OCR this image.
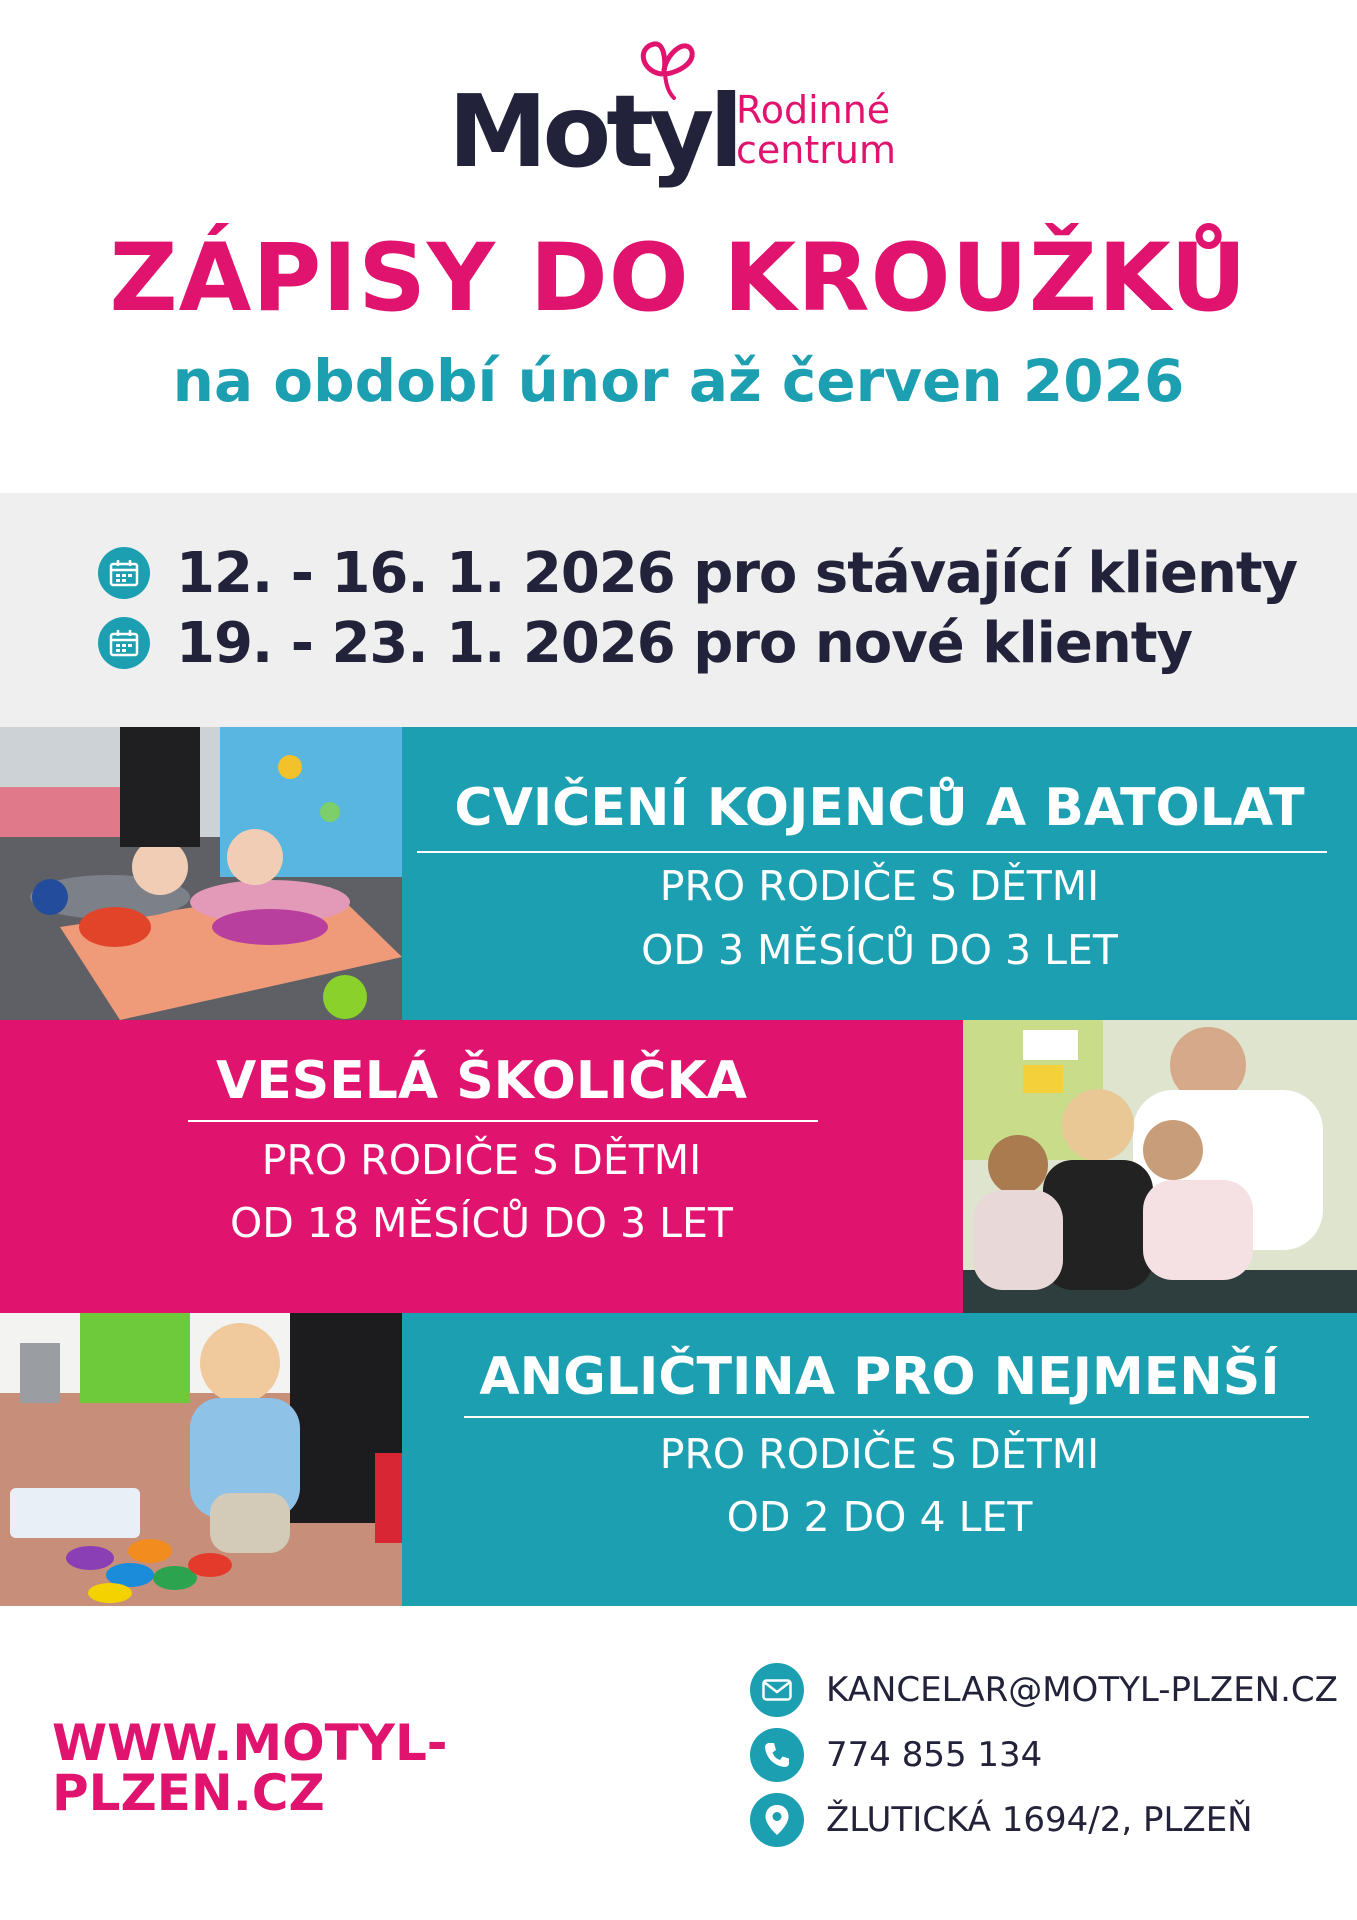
Motyl
Rodinné
centrum
ZÁPISY DO KROUŽKŮ
na období únor až červen 2026
12. - 16. 1. 2026 pro stávající klienty
19. - 23. 1. 2026 pro nové klienty
CVIČENÍ KOJENCŮ A BATOLAT
PRO RODIČE S DĚTMI
OD 3 MĚSÍCŮ DO 3 LET
VESELÁ ŠKOLIČKA
PRO RODIČE S DĚTMI
OD 18 MĚSÍCŮ DO 3 LET
ANGLIČTINA PRO NEJMENŠÍ
PRO RODIČE S DĚTMI
OD 2 DO 4 LET
WWW.MOTYL-PLZEN.CZ
KANCELAR@MOTYL-PLZEN.CZ
774 855 134
ŽLUTICKÁ 1694/2, PLZEŇ
